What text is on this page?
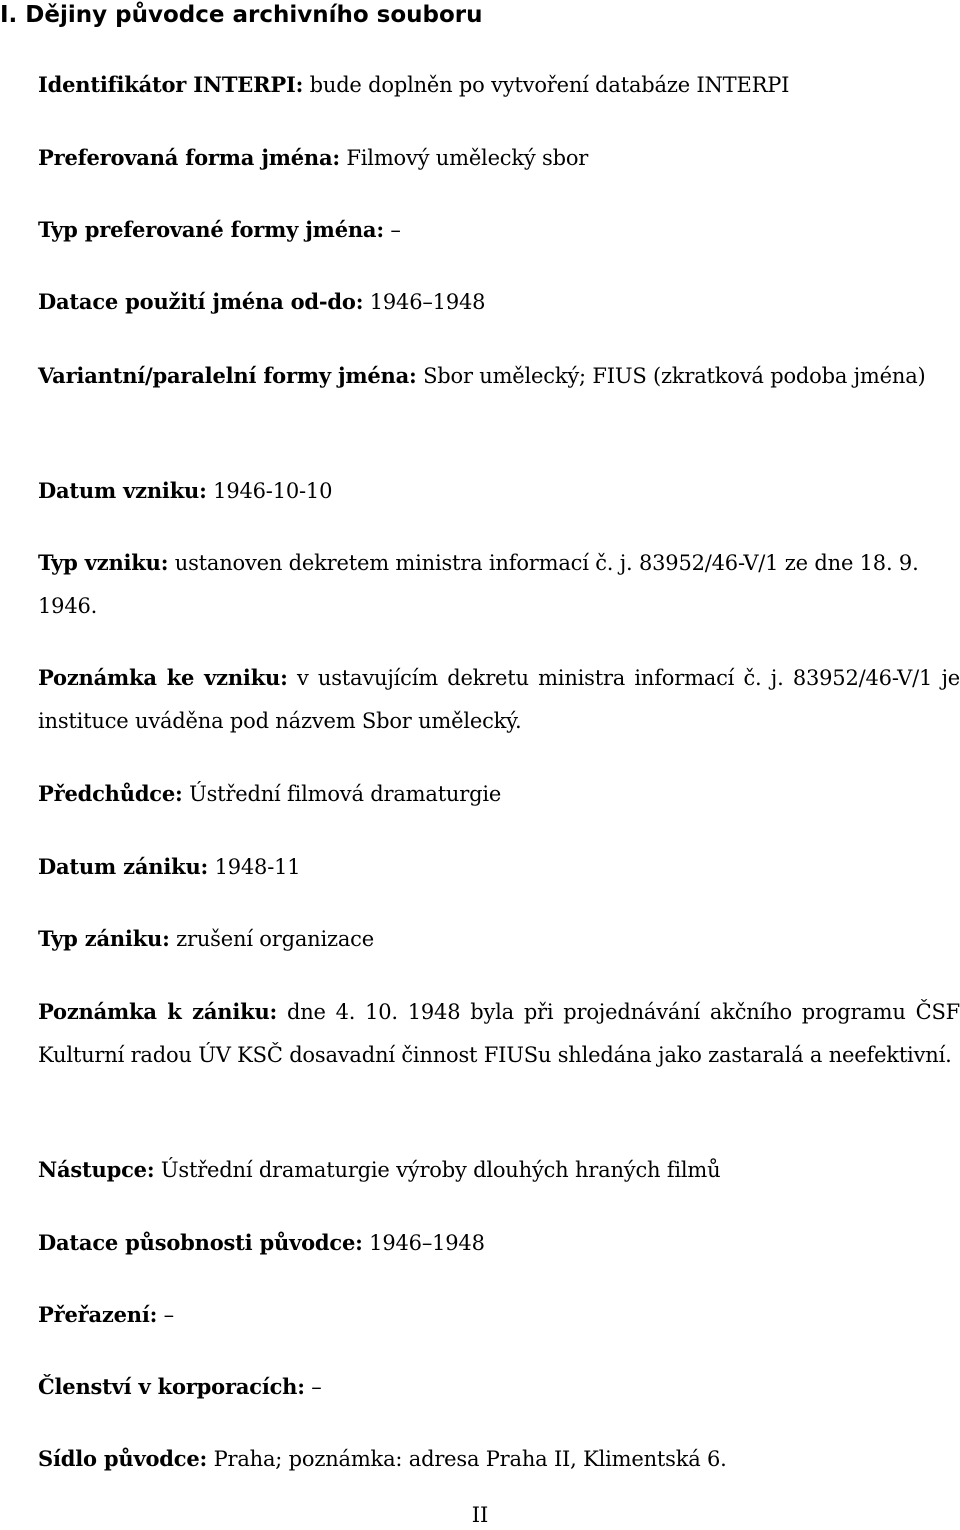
I. Dějiny původce archivního souboru

Identifikátor INTERPI: bude doplněn po vytvoření databáze INTERPI

Preferovaná forma jména: Filmový umělecký sbor

Typ preferované formy jména: –

Datace použití jména od-do: 1946–1948

Variantní/paralelní formy jména: Sbor umělecký; FIUS (zkratková podoba jména)

Datum vzniku: 1946-10-10

Typ vzniku: ustanoven dekretem ministra informací č. j. 83952/46-V/1 ze dne 18. 9. 1946.

Poznámka ke vzniku: v ustavujícím dekretu ministra informací č. j. 83952/46-V/1 je instituce uváděna pod názvem Sbor umělecký.

Předchůdce: Ústřední filmová dramaturgie

Datum zániku: 1948-11

Typ zániku: zrušení organizace

Poznámka k zániku: dne 4. 10. 1948 byla při projednávání akčního programu ČSF Kulturní radou ÚV KSČ dosavadní činnost FIUSu shledána jako zastaralá a neefektivní.

Nástupce: Ústřední dramaturgie výroby dlouhých hraných filmů

Datace působnosti původce: 1946–1948

Přeřazení: –

Členství v korporacích: –

Sídlo původce: Praha; poznámka: adresa Praha II, Klimentská 6.

II
